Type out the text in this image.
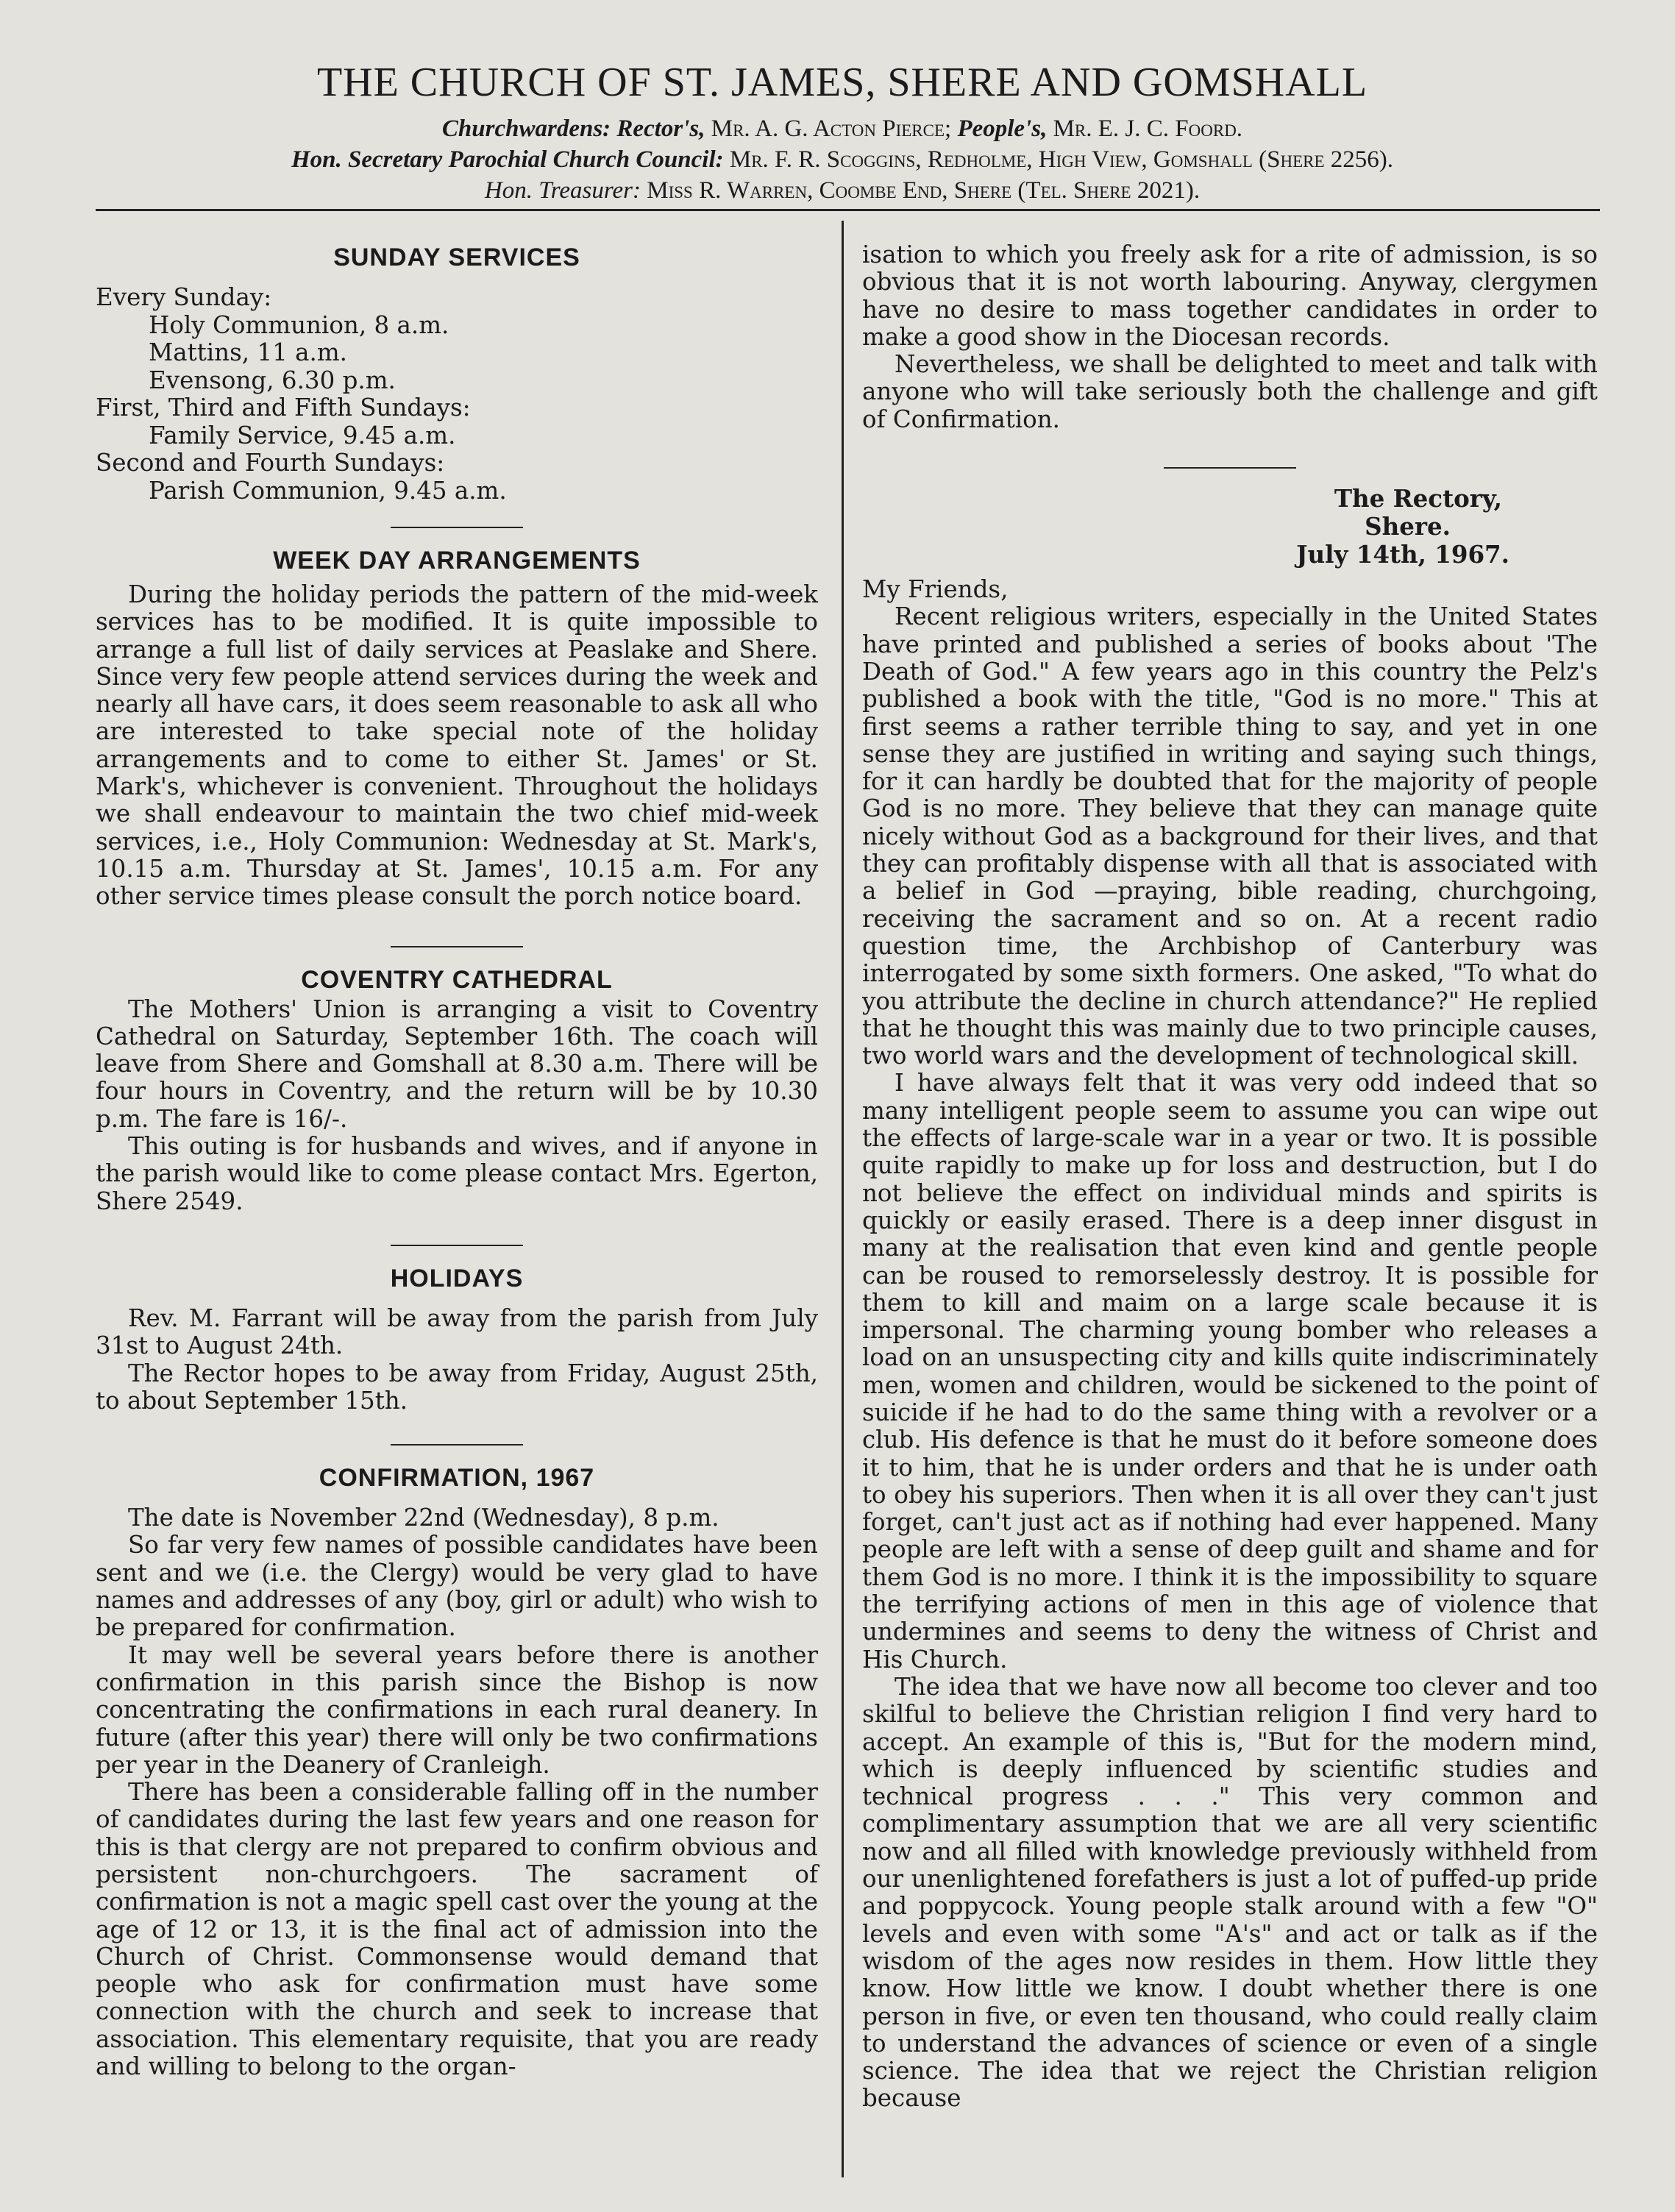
THE CHURCH OF ST. JAMES, SHERE AND GOMSHALL
Churchwardens: Rector's, Mr. A. G. Acton Pierce; People's, Mr. E. J. C. Foord.
Hon. Secretary Parochial Church Council: Mr. F. R. Scoggins, Redholme, High View, Gomshall (Shere 2256).
Hon. Treasurer: Miss R. Warren, Coombe End, Shere (Tel. Shere 2021).
SUNDAY SERVICES
Every Sunday:
Holy Communion, 8 a.m.
Mattins, 11 a.m.
Evensong, 6.30 p.m.
First, Third and Fifth Sundays:
Family Service, 9.45 a.m.
Second and Fourth Sundays:
Parish Communion, 9.45 a.m.
WEEK DAY ARRANGEMENTS

During the holiday periods the pattern of the mid-week services has to be modified. It is quite impossible to arrange a full list of daily services at Peaslake and Shere. Since very few people attend services during the week and nearly all have cars, it does seem reasonable to ask all who are interested to take special note of the holiday arrangements and to come to either St. James' or St. Mark's, whichever is convenient. Throughout the holidays we shall endeavour to maintain the two chief mid-week services, i.e., Holy Communion: Wednesday at St. Mark's, 10.15 a.m. Thursday at St. James', 10.15 a.m. For any other service times please consult the porch notice board.

COVENTRY CATHEDRAL

The Mothers' Union is arranging a visit to Coventry Cathedral on Saturday, September 16th. The coach will leave from Shere and Gomshall at 8.30 a.m. There will be four hours in Coventry, and the return will be by 10.30 p.m. The fare is 16/-.

This outing is for husbands and wives, and if anyone in the parish would like to come please contact Mrs. Egerton, Shere 2549.

HOLIDAYS

Rev. M. Farrant will be away from the parish from July 31st to August 24th.

The Rector hopes to be away from Friday, August 25th, to about September 15th.

CONFIRMATION, 1967

The date is November 22nd (Wednesday), 8 p.m.

So far very few names of possible candidates have been sent and we (i.e. the Clergy) would be very glad to have names and addresses of any (boy, girl or adult) who wish to be prepared for confirmation.

It may well be several years before there is another confirmation in this parish since the Bishop is now concentrating the confirmations in each rural deanery. In future (after this year) there will only be two confirmations per year in the Deanery of Cranleigh.

There has been a considerable falling off in the number of candidates during the last few years and one reason for this is that clergy are not prepared to confirm obvious and persistent non-churchgoers. The sacrament of confirmation is not a magic spell cast over the young at the age of 12 or 13, it is the final act of admission into the Church of Christ. Commonsense would demand that people who ask for confirmation must have some connection with the church and seek to increase that association. This elementary requisite, that you are ready and willing to belong to the organ-

isation to which you freely ask for a rite of admission, is so obvious that it is not worth labouring. Anyway, clergymen have no desire to mass together candidates in order to make a good show in the Diocesan records.

Nevertheless, we shall be delighted to meet and talk with anyone who will take seriously both the challenge and gift of Confirmation.

The Rectory,
Shere.
July 14th, 1967.

My Friends,

Recent religious writers, especially in the United States have printed and published a series of books about 'The Death of God." A few years ago in this country the Pelz's published a book with the title, "God is no more." This at first seems a rather terrible thing to say, and yet in one sense they are justified in writing and saying such things, for it can hardly be doubted that for the majority of people God is no more. They believe that they can manage quite nicely without God as a background for their lives, and that they can profitably dispense with all that is associated with a belief in God —praying, bible reading, churchgoing, receiving the sacrament and so on. At a recent radio question time, the Archbishop of Canterbury was interrogated by some sixth formers. One asked, "To what do you attribute the decline in church attendance?" He replied that he thought this was mainly due to two principle causes, two world wars and the development of technological skill.

I have always felt that it was very odd indeed that so many intelligent people seem to assume you can wipe out the effects of large-scale war in a year or two. It is possible quite rapidly to make up for loss and destruction, but I do not believe the effect on individual minds and spirits is quickly or easily erased. There is a deep inner disgust in many at the realisation that even kind and gentle people can be roused to remorselessly destroy. It is possible for them to kill and maim on a large scale because it is impersonal. The charming young bomber who releases a load on an unsuspecting city and kills quite indiscriminately men, women and children, would be sickened to the point of suicide if he had to do the same thing with a revolver or a club. His defence is that he must do it before someone does it to him, that he is under orders and that he is under oath to obey his superiors. Then when it is all over they can't just forget, can't just act as if nothing had ever happened. Many people are left with a sense of deep guilt and shame and for them God is no more. I think it is the impossibility to square the terrifying actions of men in this age of violence that undermines and seems to deny the witness of Christ and His Church.

The idea that we have now all become too clever and too skilful to believe the Christian religion I find very hard to accept. An example of this is, "But for the modern mind, which is deeply influenced by scientific studies and technical progress . . ." This very common and complimentary assumption that we are all very scientific now and all filled with knowledge previously withheld from our unenlightened forefathers is just a lot of puffed-up pride and poppycock. Young people stalk around with a few "O" levels and even with some "A's" and act or talk as if the wisdom of the ages now resides in them. How little they know. How little we know. I doubt whether there is one person in five, or even ten thousand, who could really claim to understand the advances of science or even of a single science. The idea that we reject the Christian religion because
